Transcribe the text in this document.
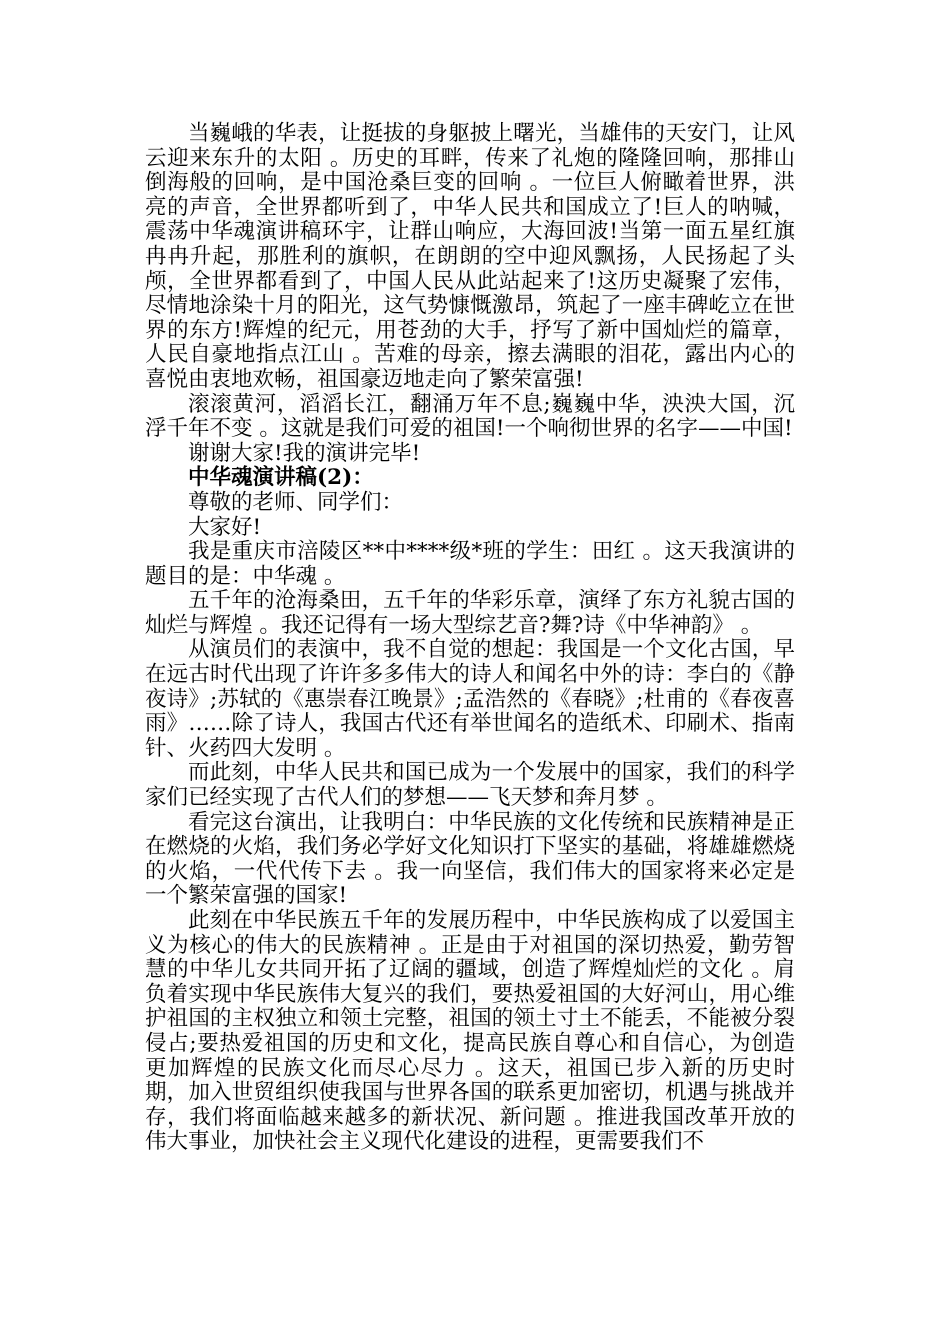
当巍峨的华表，让挺拔的身躯披上曙光，当雄伟的天安门，让风云迎来东升的太阳 。历史的耳畔，传来了礼炮的隆隆回响，那排山倒海般的回响，是中国沧桑巨变的回响 。一位巨人俯瞰着世界，洪亮的声音，全世界都听到了，中华人民共和国成立了!巨人的呐喊，震荡中华魂演讲稿环宇，让群山响应，大海回波!当第一面五星红旗冉冉升起，那胜利的旗帜，在朗朗的空中迎风飘扬，人民扬起了头颅，全世界都看到了，中国人民从此站起来了!这历史凝聚了宏伟，尽情地涂染十月的阳光，这气势慷慨激昂，筑起了一座丰碑屹立在世界的东方!辉煌的纪元，用苍劲的大手，抒写了新中国灿烂的篇章，人民自豪地指点江山 。苦难的母亲，擦去满眼的泪花，露出内心的喜悦由衷地欢畅，祖国豪迈地走向了繁荣富强!

滚滚黄河，滔滔长江，翻涌万年不息;巍巍中华，泱泱大国，沉浮千年不变 。这就是我们可爱的祖国!一个响彻世界的名字——中国!

谢谢大家!我的演讲完毕!

中华魂演讲稿(2)：

尊敬的老师、同学们：

大家好!

我是重庆市涪陵区**中****级*班的学生：田红 。这天我演讲的题目的是：中华魂 。

五千年的沧海桑田，五千年的华彩乐章，演绎了东方礼貌古国的灿烂与辉煌 。我还记得有一场大型综艺音?舞?诗《中华神韵》 。

从演员们的表演中，我不自觉的想起：我国是一个文化古国，早在远古时代出现了许许多多伟大的诗人和闻名中外的诗：李白的《静夜诗》;苏轼的《惠崇春江晚景》;孟浩然的《春晓》;杜甫的《春夜喜雨》……除了诗人，我国古代还有举世闻名的造纸术、印刷术、指南针、火药四大发明 。

而此刻，中华人民共和国已成为一个发展中的国家，我们的科学家们已经实现了古代人们的梦想——飞天梦和奔月梦 。

看完这台演出，让我明白：中华民族的文化传统和民族精神是正在燃烧的火焰，我们务必学好文化知识打下坚实的基础，将雄雄燃烧的火焰，一代代传下去 。我一向坚信，我们伟大的国家将来必定是一个繁荣富强的国家!

此刻在中华民族五千年的发展历程中，中华民族构成了以爱国主义为核心的伟大的民族精神 。正是由于对祖国的深切热爱，勤劳智慧的中华儿女共同开拓了辽阔的疆域，创造了辉煌灿烂的文化 。肩负着实现中华民族伟大复兴的我们，要热爱祖国的大好河山，用心维护祖国的主权独立和领土完整，祖国的领土寸土不能丢，不能被分裂侵占;要热爱祖国的历史和文化，提高民族自尊心和自信心，为创造更加辉煌的民族文化而尽心尽力 。这天，祖国已步入新的历史时期，加入世贸组织使我国与世界各国的联系更加密切，机遇与挑战并存，我们将面临越来越多的新状况、新问题 。推进我国改革开放的伟大事业，加快社会主义现代化建设的进程，更需要我们不
